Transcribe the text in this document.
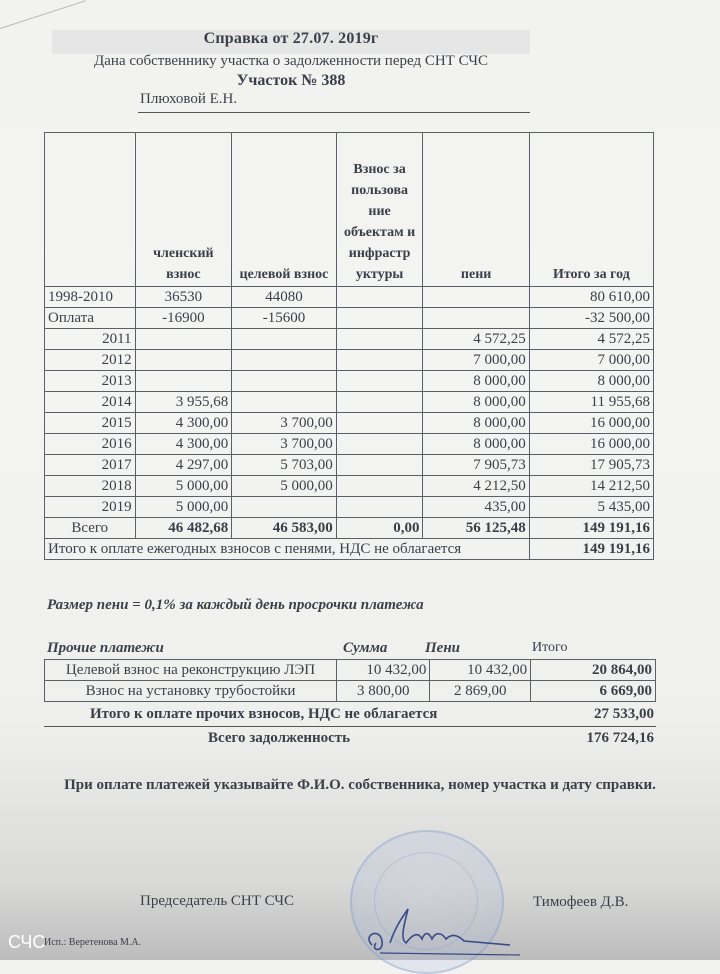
Справка от 27.07. 2019г
Дана собственнику участка о задолженности перед СНТ СЧС
Участок № 388
Плюховой Е.Н.
	членский взнос	целевой взнос	Взнос за пользова ние объектам и инфрастр уктуры	пени	Итого за год
1998-2010	36530	44080			80 610,00
Оплата	-16900	-15600			-32 500,00
2011				4 572,25	4 572,25
2012				7 000,00	7 000,00
2013				8 000,00	8 000,00
2014	3 955,68			8 000,00	11 955,68
2015	4 300,00	3 700,00		8 000,00	16 000,00
2016	4 300,00	3 700,00		8 000,00	16 000,00
2017	4 297,00	5 703,00		7 905,73	17 905,73
2018	5 000,00	5 000,00		4 212,50	14 212,50
2019	5 000,00			435,00	5 435,00
Всего	46 482,68	46 583,00	0,00	56 125,48	149 191,16
Итого к оплате ежегодных взносов с пенями, НДС не облагается					149 191,16
Размер пени = 0,1% за каждый день просрочки платежа
Прочие платежи	Сумма	Пени	Итого
Целевой взнос на реконструкцию ЛЭП	10 432,00	10 432,00	20 864,00
Взнос на установку трубостойки	3 800,00	2 869,00	6 669,00
Итого к оплате прочих взносов, НДС не облагается	27 533,00
Всего задолженность	176 724,16
При оплате платежей указывайте Ф.И.О. собственника, номер участка и дату справки.
Председатель СНТ СЧС	Тимофеев Д.В.
СЧС
Исп.: Веретенова М.А.
